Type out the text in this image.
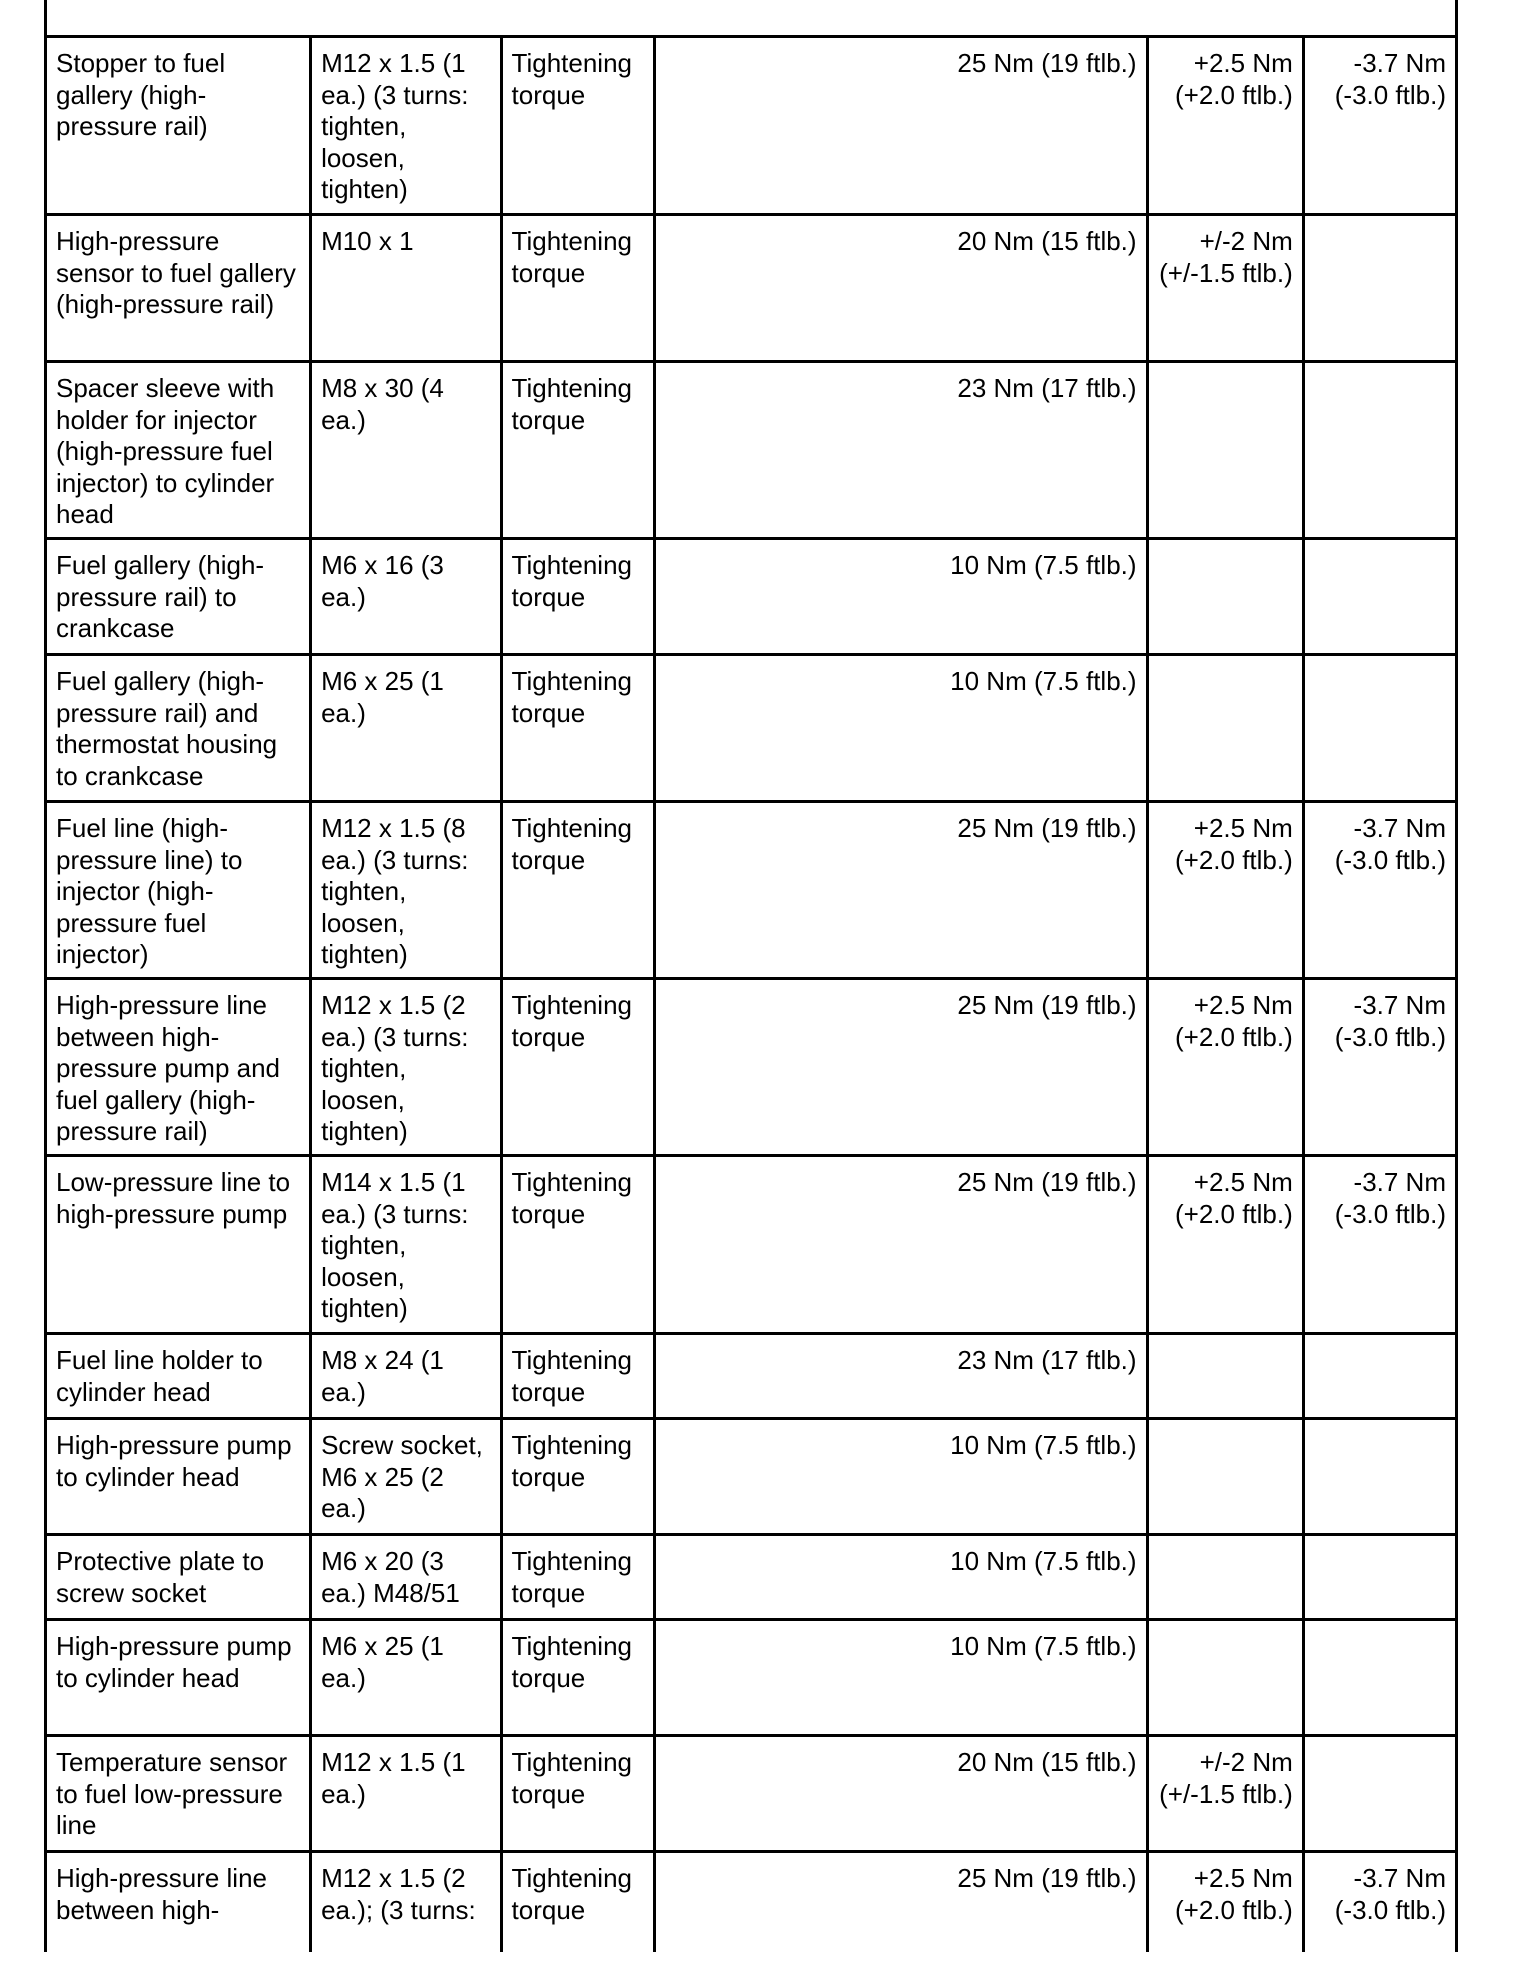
Stopper to fuel gallery (high-pressure rail)	M12 x 1.5 (1 ea.) (3 turns: tighten, loosen, tighten)	Tightening torque	25 Nm (19 ftlb.)	+2.5 Nm (+2.0 ftlb.)	-3.7 Nm (-3.0 ftlb.)
High-pressure sensor to fuel gallery (high-pressure rail)	M10 x 1	Tightening torque	20 Nm (15 ftlb.)	+/-2 Nm (+/-1.5 ftlb.)	
Spacer sleeve with holder for injector (high-pressure fuel injector) to cylinder head	M8 x 30 (4 ea.)	Tightening torque	23 Nm (17 ftlb.)		
Fuel gallery (high-pressure rail) to crankcase	M6 x 16 (3 ea.)	Tightening torque	10 Nm (7.5 ftlb.)		
Fuel gallery (high-pressure rail) and thermostat housing to crankcase	M6 x 25 (1 ea.)	Tightening torque	10 Nm (7.5 ftlb.)		
Fuel line (high-pressure line) to injector (high-pressure fuel injector)	M12 x 1.5 (8 ea.) (3 turns: tighten, loosen, tighten)	Tightening torque	25 Nm (19 ftlb.)	+2.5 Nm (+2.0 ftlb.)	-3.7 Nm (-3.0 ftlb.)
High-pressure line between high-pressure pump and fuel gallery (high-pressure rail)	M12 x 1.5 (2 ea.) (3 turns: tighten, loosen, tighten)	Tightening torque	25 Nm (19 ftlb.)	+2.5 Nm (+2.0 ftlb.)	-3.7 Nm (-3.0 ftlb.)
Low-pressure line to high-pressure pump	M14 x 1.5 (1 ea.) (3 turns: tighten, loosen, tighten)	Tightening torque	25 Nm (19 ftlb.)	+2.5 Nm (+2.0 ftlb.)	-3.7 Nm (-3.0 ftlb.)
Fuel line holder to cylinder head	M8 x 24 (1 ea.)	Tightening torque	23 Nm (17 ftlb.)		
High-pressure pump to cylinder head	Screw socket, M6 x 25 (2 ea.)	Tightening torque	10 Nm (7.5 ftlb.)		
Protective plate to screw socket	M6 x 20 (3 ea.) M48/51	Tightening torque	10 Nm (7.5 ftlb.)		
High-pressure pump to cylinder head	M6 x 25 (1 ea.)	Tightening torque	10 Nm (7.5 ftlb.)		
Temperature sensor to fuel low-pressure line	M12 x 1.5 (1 ea.)	Tightening torque	20 Nm (15 ftlb.)	+/-2 Nm (+/-1.5 ftlb.)	
High-pressure line between high-	M12 x 1.5 (2 ea.); (3 turns:	Tightening torque	25 Nm (19 ftlb.)	+2.5 Nm (+2.0 ftlb.)	-3.7 Nm (-3.0 ftlb.)
